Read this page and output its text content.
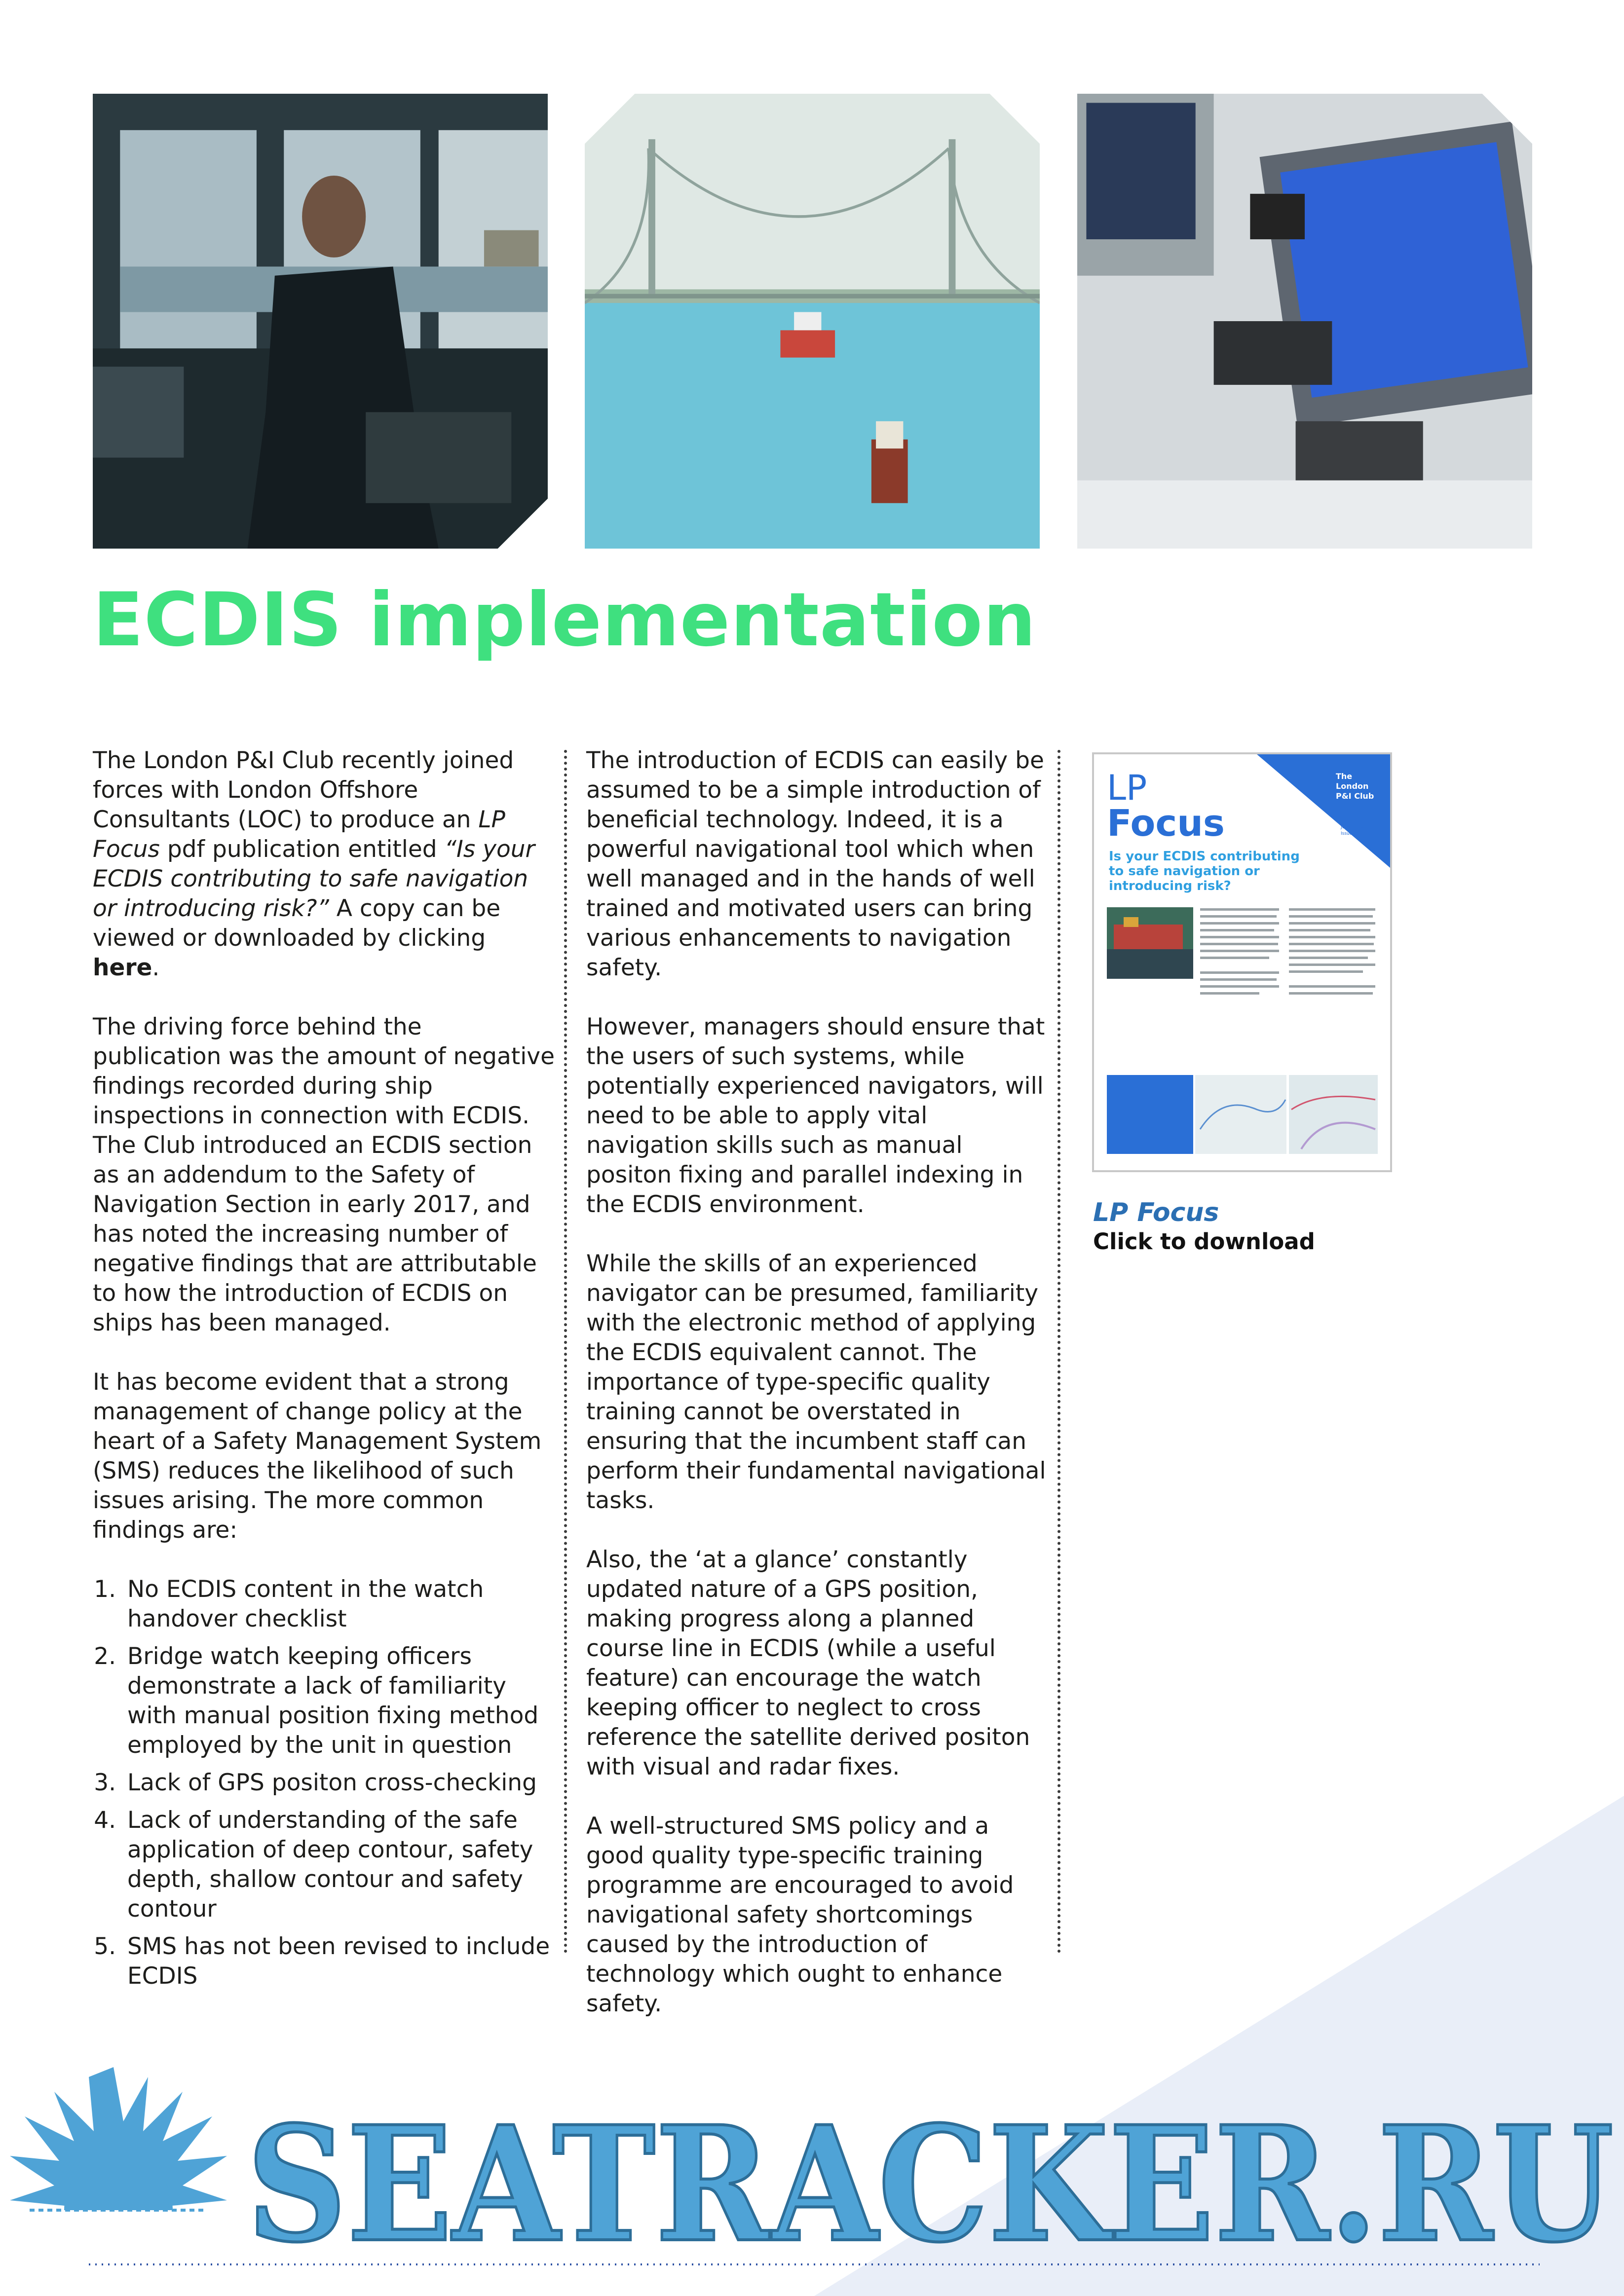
ECDIS implementation

The London P&I Club recently joined forces with London Offshore Consultants (LOC) to produce an LP Focus pdf publication entitled “Is your ECDIS contributing to safe navigation or introducing risk?” A copy can be viewed or downloaded by clicking here.

The driving force behind the publication was the amount of negative findings recorded during ship inspections in connection with ECDIS. The Club introduced an ECDIS section as an addendum to the Safety of Navigation Section in early 2017, and has noted the increasing number of negative findings that are attributable to how the introduction of ECDIS on ships has been managed.

It has become evident that a strong management of change policy at the heart of a Safety Management System (SMS) reduces the likelihood of such issues arising. The more common findings are:

1. No ECDIS content in the watch handover checklist
2. Bridge watch keeping officers demonstrate a lack of familiarity with manual position fixing method employed by the unit in question
3. Lack of GPS positon cross-checking
4. Lack of understanding of the safe application of deep contour, safety depth, shallow contour and safety contour
5. SMS has not been revised to include ECDIS

The introduction of ECDIS can easily be assumed to be a simple introduction of beneficial technology. Indeed, it is a powerful navigational tool which when well managed and in the hands of well trained and motivated users can bring various enhancements to navigation safety.

However, managers should ensure that the users of such systems, while potentially experienced navigators, will need to be able to apply vital navigation skills such as manual positon fixing and parallel indexing in the ECDIS environment.

While the skills of an experienced navigator can be presumed, familiarity with the electronic method of applying the ECDIS equivalent cannot. The importance of type-specific quality training cannot be overstated in ensuring that the incumbent staff can perform their fundamental navigational tasks.

Also, the ‘at a glance’ constantly updated nature of a GPS position, making progress along a planned course line in ECDIS (while a useful feature) can encourage the watch keeping officer to neglect to cross reference the satellite derived positon with visual and radar fixes.

A well-structured SMS policy and a good quality type-specific training programme are encouraged to avoid navigational safety shortcomings caused by the introduction of technology which ought to enhance safety.

LP
Focus
The
London
P&I Club
June 2019
Issue 1
Is your ECDIS contributing
to safe navigation or
introducing risk?
LP Focus
Click to download
SEATRACKER.RU
